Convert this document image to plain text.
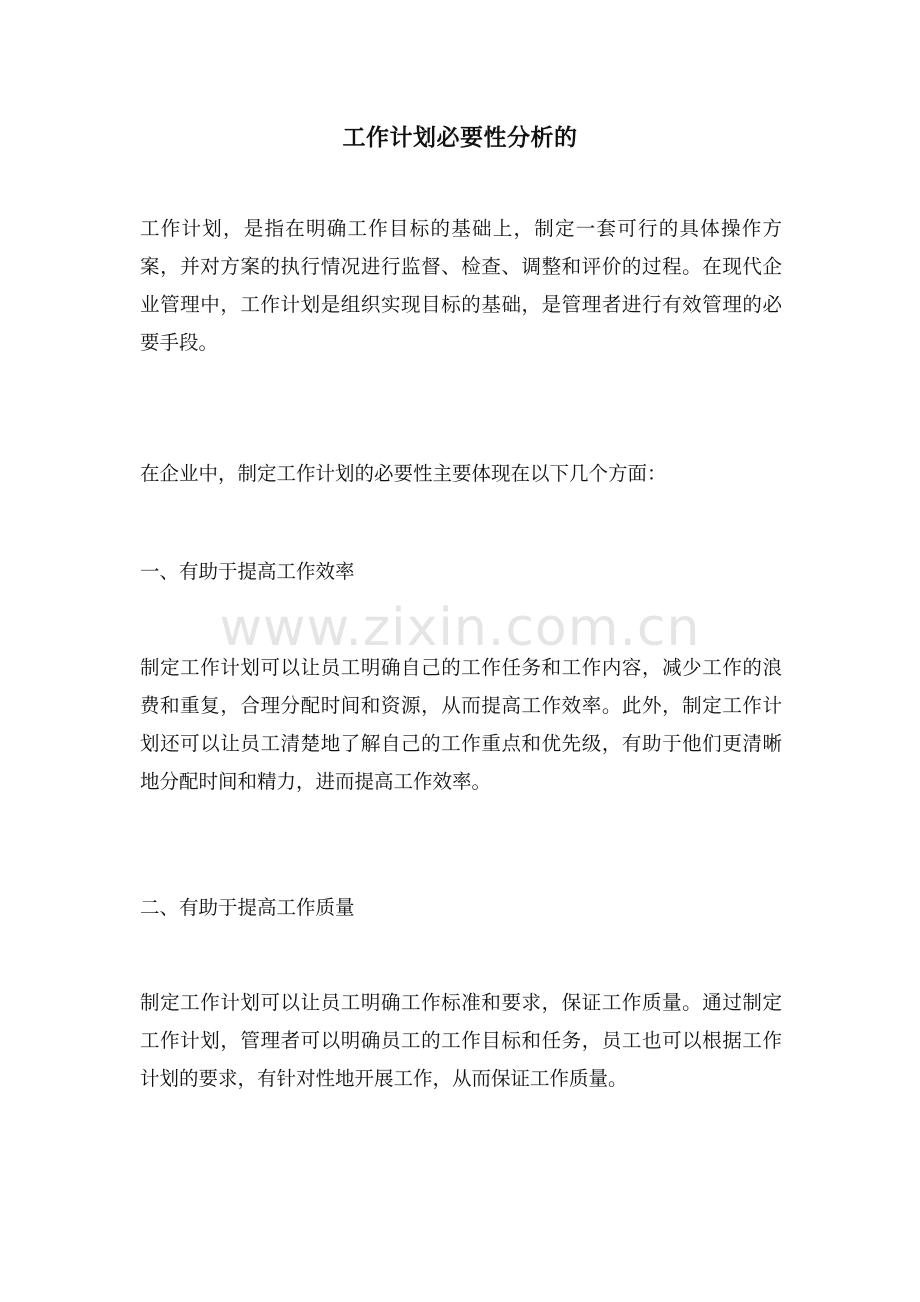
工作计划必要性分析的
工作计划，是指在明确工作目标的基础上，制定一套可行的具体操作方案，并对方案的执行情况进行监督、检查、调整和评价的过程。在现代企业管理中，工作计划是组织实现目标的基础，是管理者进行有效管理的必要手段。
在企业中，制定工作计划的必要性主要体现在以下几个方面：
一、有助于提高工作效率
制定工作计划可以让员工明确自己的工作任务和工作内容，减少工作的浪费和重复，合理分配时间和资源，从而提高工作效率。此外，制定工作计划还可以让员工清楚地了解自己的工作重点和优先级，有助于他们更清晰地分配时间和精力，进而提高工作效率。
二、有助于提高工作质量
制定工作计划可以让员工明确工作标准和要求，保证工作质量。通过制定工作计划，管理者可以明确员工的工作目标和任务，员工也可以根据工作计划的要求，有针对性地开展工作，从而保证工作质量。
www.zixin.com.cn
